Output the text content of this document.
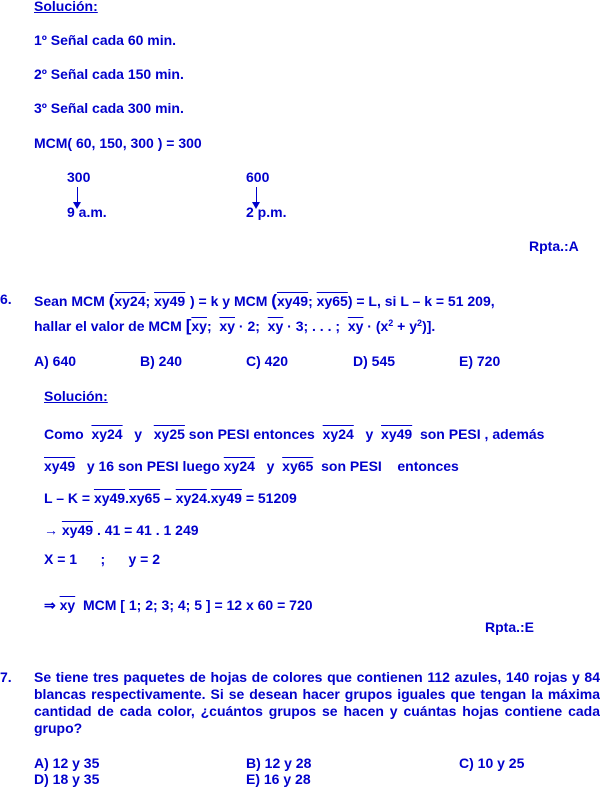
Solución:
1º Señal cada 60 min.
2º Señal cada 150 min.
3º Señal cada 300 min.
MCM( 60, 150, 300 ) = 300
300
9 a.m.
600
2 p.m.
Rpta.:A
6. Sean MCM (xy24; xy49 ) = k y MCM (xy49; xy65) = L, si L – k = 51 209,
hallar el valor de MCM [$\overline{xy}$; $\overline{xy} \cdot 2$; $\overline{xy} \cdot 3$; . . . ; $\overline{xy} \cdot (x^2 + y^2)$].
A) 640	B) 240	C) 420	D) 545	E) 720
Solución:
Como xy24 y xy25 son PESI entonces xy24 y xy49 son PESI , además
xy49 y 16 son PESI luego xy24 y xy65 son PESI entonces
L – K = xy49.xy65 – xy24.xy49 = 51209
→ xy49 . 41 = 41 . 1 249
X = 1 ; y = 2
⇒ $\overline{xy}$ MCM [ 1; 2; 3; 4; 5 ] = 12 x 60 = 720
Rpta.:E
7. Se tiene tres paquetes de hojas de colores que contienen 112 azules, 140 rojas y 84 blancas respectivamente. Si se desean hacer grupos iguales que tengan la máxima cantidad de cada color, ¿cuántos grupos se hacen y cuántas hojas contiene cada grupo?
A) 12 y 35	B) 12 y 28	C) 10 y 25
D) 18 y 35	E) 16 y 28
